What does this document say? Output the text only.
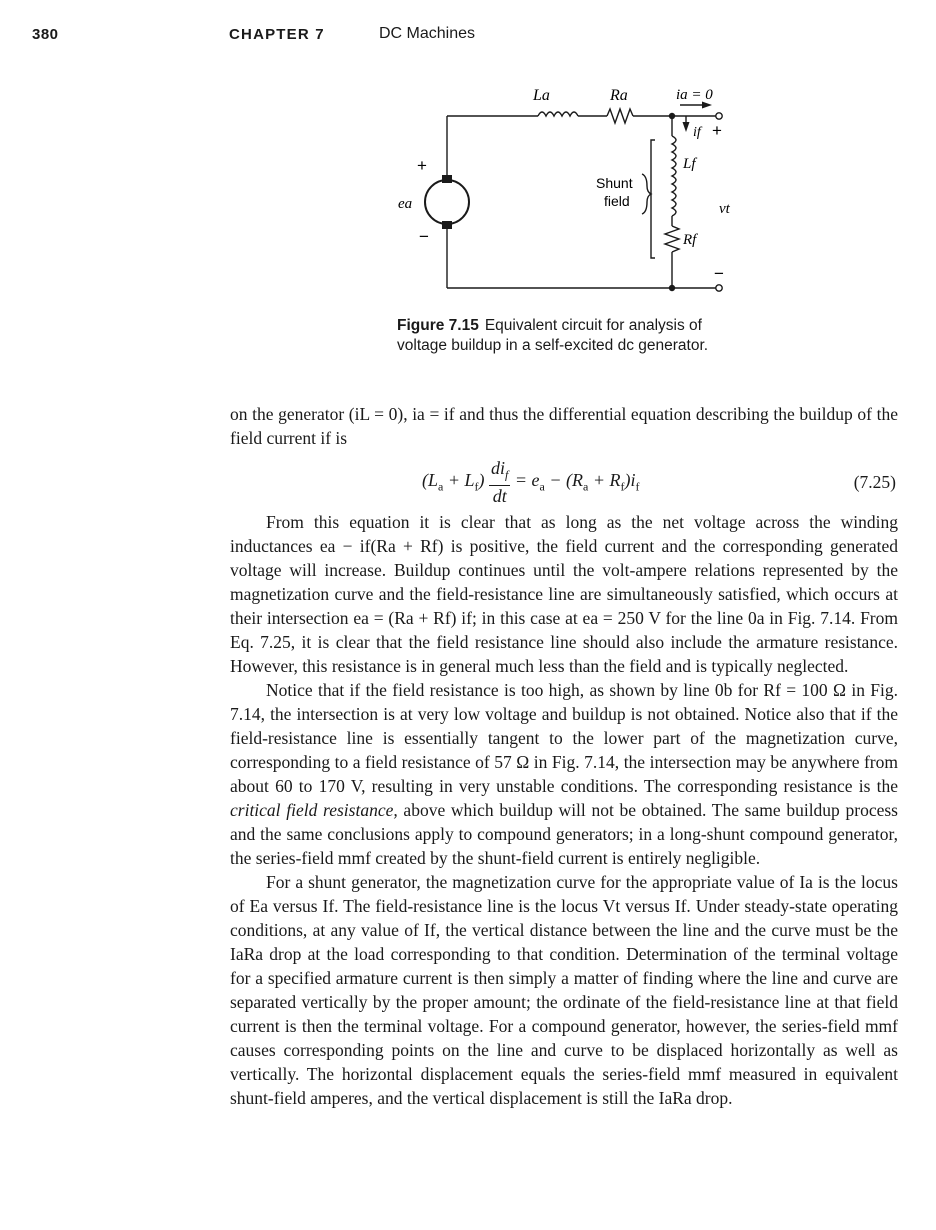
380	CHAPTER 7	DC Machines
La	Ra	ia = 0
if
Lf
Rf
ea	vt
+
−
+
−
Shunt
field
Figure 7.15 Equivalent circuit for analysis of voltage buildup in a self-excited dc generator.

on the generator (iL = 0), ia = if and thus the differential equation describing the buildup of the field current if is

$(L_a + L_f) \frac{di_f}{dt} = e_a - (R_a + R_f)i_f$	(7.25)

From this equation it is clear that as long as the net voltage across the winding inductances ea − if(Ra + Rf) is positive, the field current and the corresponding generated voltage will increase. Buildup continues until the volt-ampere relations represented by the magnetization curve and the field-resistance line are simultaneously satisfied, which occurs at their intersection ea = (Ra + Rf) if; in this case at ea = 250 V for the line 0a in Fig. 7.14. From Eq. 7.25, it is clear that the field resistance line should also include the armature resistance. However, this resistance is in general much less than the field and is typically neglected.

Notice that if the field resistance is too high, as shown by line 0b for Rf = 100 Ω in Fig. 7.14, the intersection is at very low voltage and buildup is not obtained. Notice also that if the field-resistance line is essentially tangent to the lower part of the magnetization curve, corresponding to a field resistance of 57 Ω in Fig. 7.14, the intersection may be anywhere from about 60 to 170 V, resulting in very unstable conditions. The corresponding resistance is the critical field resistance, above which buildup will not be obtained. The same buildup process and the same conclusions apply to compound generators; in a long-shunt compound generator, the series-field mmf created by the shunt-field current is entirely negligible.

For a shunt generator, the magnetization curve for the appropriate value of Ia is the locus of Ea versus If. The field-resistance line is the locus Vt versus If. Under steady-state operating conditions, at any value of If, the vertical distance between the line and the curve must be the IaRa drop at the load corresponding to that condition. Determination of the terminal voltage for a specified armature current is then simply a matter of finding where the line and curve are separated vertically by the proper amount; the ordinate of the field-resistance line at that field current is then the terminal voltage. For a compound generator, however, the series-field mmf causes corresponding points on the line and curve to be displaced horizontally as well as vertically. The horizontal displacement equals the series-field mmf measured in equivalent shunt-field amperes, and the vertical displacement is still the IaRa drop.
